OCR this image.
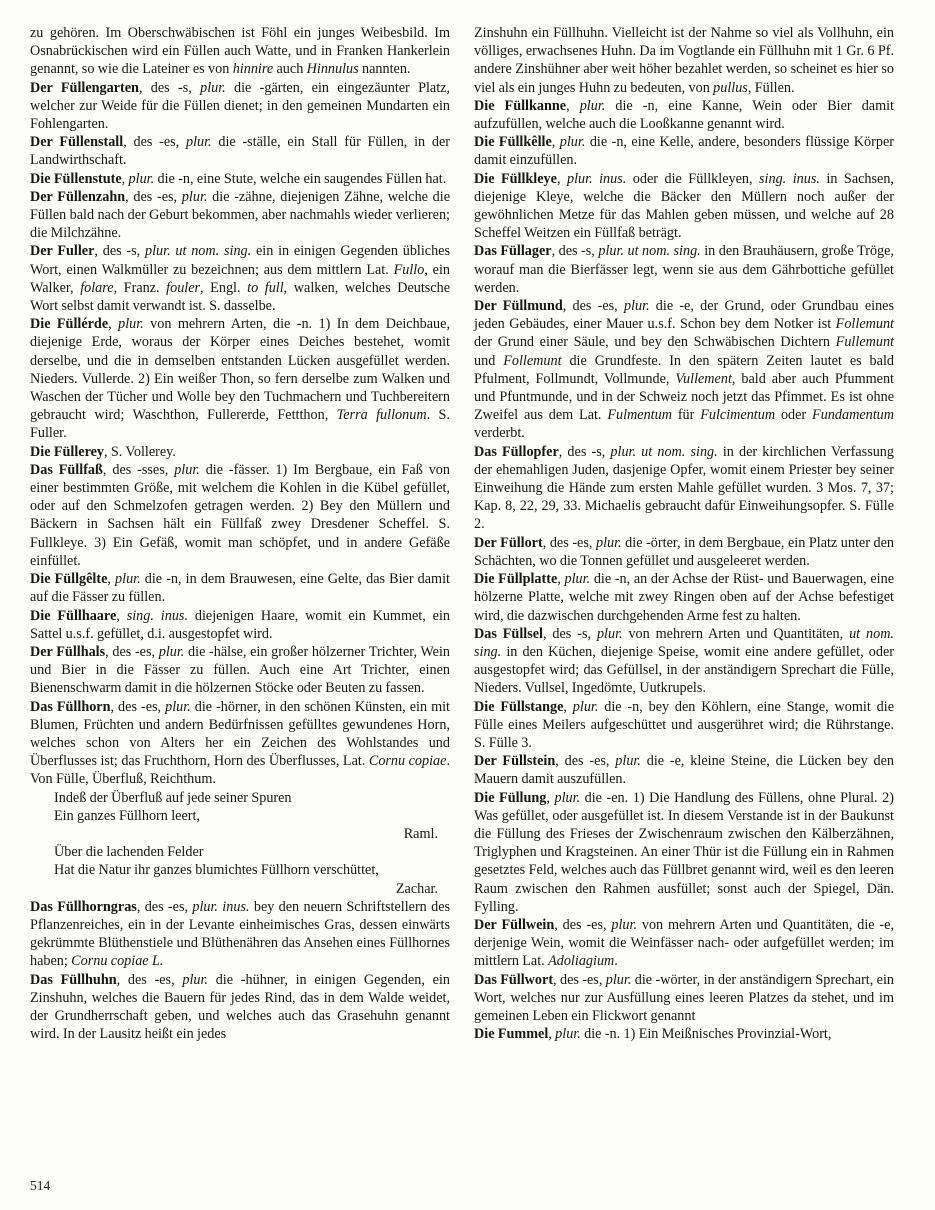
zu gehören. Im Oberschwäbischen ist Föhl ein junges Weibesbild. Im Osnabrückischen wird ein Füllen auch Watte, und in Franken Hankerlein genannt, so wie die Lateiner es von hinnire auch Hinnulus nannten.

Der Füllengarten, des -s, plur. die -gärten, ein eingezäunter Platz, welcher zur Weide für die Füllen dienet; in den gemeinen Mundarten ein Fohlengarten.

Der Füllenstall, des -es, plur. die -ställe, ein Stall für Füllen, in der Landwirthschaft.

Die Füllenstute, plur. die -n, eine Stute, welche ein saugendes Füllen hat.

Der Füllenzahn, des -es, plur. die -zähne, diejenigen Zähne, welche die Füllen bald nach der Geburt bekommen, aber nachmahls wieder verlieren; die Milchzähne.

Der Fuller, des -s, plur. ut nom. sing. ein in einigen Gegenden übliches Wort, einen Walkmüller zu bezeichnen; aus dem mittlern Lat. Fullo, ein Walker, folare, Franz. fouler, Engl. to full, walken, welches Deutsche Wort selbst damit verwandt ist. S. dasselbe.

Die Füllérde, plur. von mehrern Arten, die -n. 1) In dem Deichbaue, diejenige Erde, woraus der Körper eines Deiches bestehet, womit derselbe, und die in demselben entstanden Lücken ausgefüllet werden. Nieders. Vullerde. 2) Ein weißer Thon, so fern derselbe zum Walken und Waschen der Tücher und Wolle bey den Tuchmachern und Tuchbereitern gebraucht wird; Waschthon, Fullererde, Fettthon, Terra fullonum. S. Fuller.

Die Füllerey, S. Vollerey.

Das Füllfaß, des -sses, plur. die -fässer. 1) Im Bergbaue, ein Faß von einer bestimmten Größe, mit welchem die Kohlen in die Kübel gefüllet, oder auf den Schmelzofen getragen werden. 2) Bey den Müllern und Bäckern in Sachsen hält ein Füllfaß zwey Dresdener Scheffel. S. Fullkleye. 3) Ein Gefäß, womit man schöpfet, und in andere Gefäße einfüllet.

Die Füllgêlte, plur. die -n, in dem Brauwesen, eine Gelte, das Bier damit auf die Fässer zu füllen.

Die Füllhaare, sing. inus. diejenigen Haare, womit ein Kummet, ein Sattel u.s.f. gefüllet, d.i. ausgestopfet wird.

Der Füllhals, des -es, plur. die -hälse, ein großer hölzerner Trichter, Wein und Bier in die Fässer zu füllen. Auch eine Art Trichter, einen Bienenschwarm damit in die hölzernen Stöcke oder Beuten zu fassen.

Das Füllhorn, des -es, plur. die -hörner, in den schönen Künsten, ein mit Blumen, Früchten und andern Bedürfnissen gefülltes gewundenes Horn, welches schon von Alters her ein Zeichen des Wohlstandes und Überflusses ist; das Fruchthorn, Horn des Überflusses, Lat. Cornu copiae. Von Fülle, Überfluß, Reichthum.

Indeß der Überfluß auf jede seiner Spuren

Ein ganzes Füllhorn leert,

Raml.

Über die lachenden Felder

Hat die Natur ihr ganzes blumichtes Füllhorn verschüttet,

Zachar.

Das Füllhorngras, des -es, plur. inus. bey den neuern Schriftstellern des Pflanzenreiches, ein in der Levante einheimisches Gras, dessen einwärts gekrümmte Blüthenstiele und Blüthenähren das Ansehen eines Füllhornes haben; Cornu copiae L.

Das Füllhuhn, des -es, plur. die -hühner, in einigen Gegenden, ein Zinshuhn, welches die Bauern für jedes Rind, das in dem Walde weidet, der Grundherrschaft geben, und welches auch das Grasehuhn genannt wird. In der Lausitz heißt ein jedes

Zinshuhn ein Füllhuhn. Vielleicht ist der Nahme so viel als Vollhuhn, ein völliges, erwachsenes Huhn. Da im Vogtlande ein Füllhuhn mit 1 Gr. 6 Pf. andere Zinshühner aber weit höher bezahlet werden, so scheinet es hier so viel als ein junges Huhn zu bedeuten, von pullus, Füllen.

Die Füllkanne, plur. die -n, eine Kanne, Wein oder Bier damit aufzufüllen, welche auch die Looßkanne genannt wird.

Die Füllkêlle, plur. die -n, eine Kelle, andere, besonders flüssige Körper damit einzufüllen.

Die Füllkleye, plur. inus. oder die Füllkleyen, sing. inus. in Sachsen, diejenige Kleye, welche die Bäcker den Müllern noch außer der gewöhnlichen Metze für das Mahlen geben müssen, und welche auf 28 Scheffel Weitzen ein Füllfaß beträgt.

Das Füllager, des -s, plur. ut nom. sing. in den Brauhäusern, große Tröge, worauf man die Bierfässer legt, wenn sie aus dem Gährbottiche gefüllet werden.

Der Füllmund, des -es, plur. die -e, der Grund, oder Grundbau eines jeden Gebäudes, einer Mauer u.s.f. Schon bey dem Notker ist Follemunt der Grund einer Säule, und bey den Schwäbischen Dichtern Fullemunt und Follemunt die Grundfeste. In den spätern Zeiten lautet es bald Pfulment, Follmundt, Vollmunde, Vullement, bald aber auch Pfumment und Pfuntmunde, und in der Schweiz noch jetzt das Pfimmet. Es ist ohne Zweifel aus dem Lat. Fulmentum für Fulcimentum oder Fundamentum verderbt.

Das Füllopfer, des -s, plur. ut nom. sing. in der kirchlichen Verfassung der ehemahligen Juden, dasjenige Opfer, womit einem Priester bey seiner Einweihung die Hände zum ersten Mahle gefüllet wurden. 3 Mos. 7, 37; Kap. 8, 22, 29, 33. Michaelis gebraucht dafür Einweihungsopfer. S. Fülle 2.

Der Füllort, des -es, plur. die -örter, in dem Bergbaue, ein Platz unter den Schächten, wo die Tonnen gefüllet und ausgeleeret werden.

Die Füllplatte, plur. die -n, an der Achse der Rüst- und Bauerwagen, eine hölzerne Platte, welche mit zwey Ringen oben auf der Achse befestiget wird, die dazwischen durchgehenden Arme fest zu halten.

Das Füllsel, des -s, plur. von mehrern Arten und Quantitäten, ut nom. sing. in den Küchen, diejenige Speise, womit eine andere gefüllet, oder ausgestopfet wird; das Gefüllsel, in der anständigern Sprechart die Fülle, Nieders. Vullsel, Ingedömte, Uutkrupels.

Die Füllstange, plur. die -n, bey den Köhlern, eine Stange, womit die Fülle eines Meilers aufgeschüttet und ausgerühret wird; die Rührstange. S. Fülle 3.

Der Füllstein, des -es, plur. die -e, kleine Steine, die Lücken bey den Mauern damit auszufüllen.

Die Füllung, plur. die -en. 1) Die Handlung des Füllens, ohne Plural. 2) Was gefüllet, oder ausgefüllet ist. In diesem Verstande ist in der Baukunst die Füllung des Frieses der Zwischenraum zwischen den Kälberzähnen, Triglyphen und Kragsteinen. An einer Thür ist die Füllung ein in Rahmen gesetztes Feld, welches auch das Füllbret genannt wird, weil es den leeren Raum zwischen den Rahmen ausfüllet; sonst auch der Spiegel, Dän. Fylling.

Der Füllwein, des -es, plur. von mehrern Arten und Quantitäten, die -e, derjenige Wein, womit die Weinfässer nach- oder aufgefüllet werden; im mittlern Lat. Adoliagium.

Das Füllwort, des -es, plur. die -wörter, in der anständigern Sprechart, ein Wort, welches nur zur Ausfüllung eines leeren Platzes da stehet, und im gemeinen Leben ein Flickwort genannt

Die Fummel, plur. die -n. 1) Ein Meißnisches Provinzial-Wort,

514
